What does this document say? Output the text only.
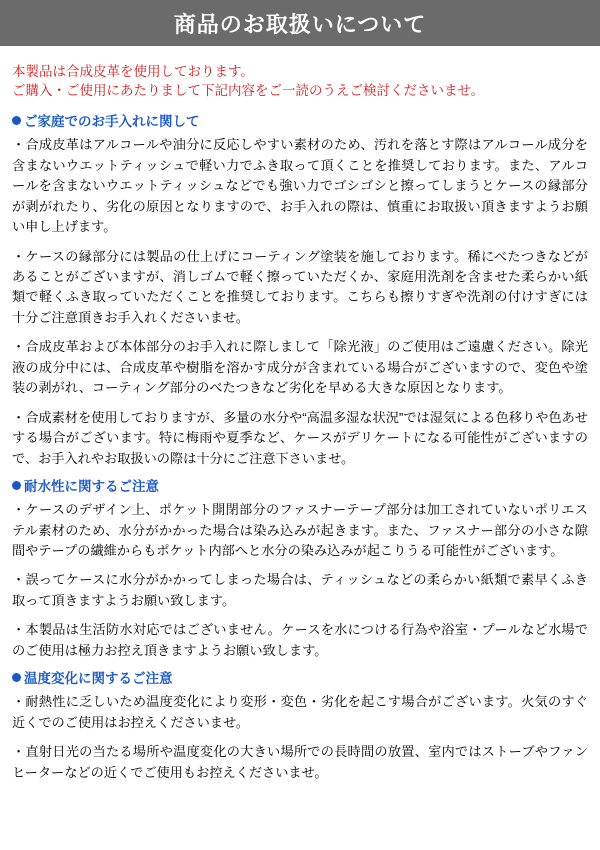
商品のお取扱いについて
本製品は合成皮革を使用しております。
ご購入・ご使用にあたりまして下記内容をご一読のうえご検討くださいませ。
ご家庭でのお手入れに関して

・合成皮革はアルコールや油分に反応しやすい素材のため、汚れを落とす際はアルコール成分を含まないウエットティッシュで軽い力でふき取って頂くことを推奨しております。また、アルコールを含まないウエットティッシュなどでも強い力でゴシゴシと擦ってしまうとケースの縁部分が剥がれたり、劣化の原因となりますので、お手入れの際は、慎重にお取扱い頂きますようお願い申し上げます。

・ケースの縁部分には製品の仕上げにコーティング塗装を施しております。稀にべたつきなどがあることがございますが、消しゴムで軽く擦っていただくか、家庭用洗剤を含ませた柔らかい紙類で軽くふき取っていただくことを推奨しております。こちらも擦りすぎや洗剤の付けすぎには十分ご注意頂きお手入れくださいませ。

・合成皮革および本体部分のお手入れに際しまして「除光液」のご使用はご遠慮ください。除光液の成分中には、合成皮革や樹脂を溶かす成分が含まれている場合がございますので、変色や塗装の剥がれ、コーティング部分のべたつきなど劣化を早める大きな原因となります。

・合成素材を使用しておりますが、多量の水分や“高温多湿な状況”では湿気による色移りや色あせする場合がございます。特に梅雨や夏季など、ケースがデリケートになる可能性がございますので、お手入れやお取扱いの際は十分にご注意下さいませ。

耐水性に関するご注意

・ケースのデザイン上、ポケット開閉部分のファスナーテープ部分は加工されていないポリエステル素材のため、水分がかかった場合は染み込みが起きます。また、ファスナー部分の小さな隙間やテープの繊維からもポケット内部へと水分の染み込みが起こりうる可能性がございます。

・誤ってケースに水分がかかってしまった場合は、ティッシュなどの柔らかい紙類で素早くふき取って頂きますようお願い致します。

・本製品は生活防水対応ではございません。ケースを水につける行為や浴室・プールなど水場でのご使用は極力お控え頂きますようお願い致します。

温度変化に関するご注意

・耐熱性に乏しいため温度変化により変形・変色・劣化を起こす場合がございます。火気のすぐ近くでのご使用はお控えくださいませ。

・直射日光の当たる場所や温度変化の大きい場所での長時間の放置、室内ではストーブやファンヒーターなどの近くでご使用もお控えくださいませ。
